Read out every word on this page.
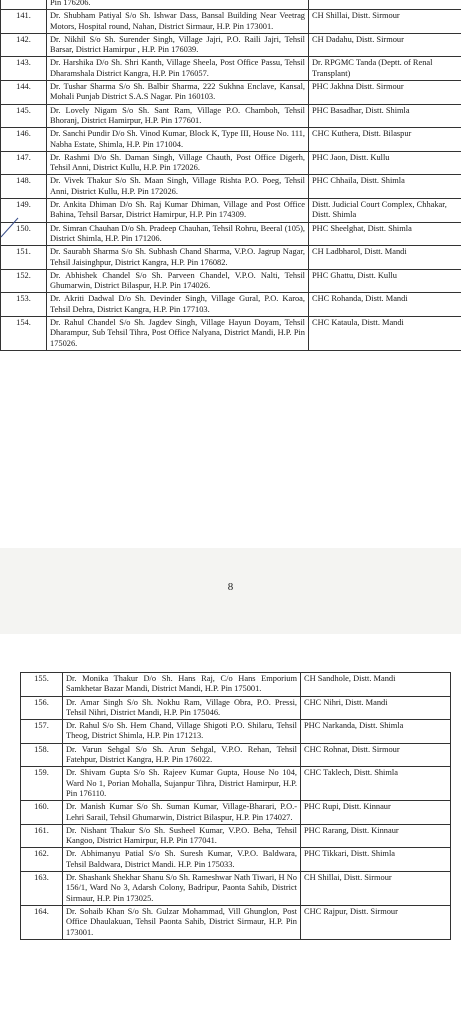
	Pin 176206.	
141.	Dr. Shubham Patiyal S/o Sh. Ishwar Dass, Bansal Building Near Veetrag Motors, Hospital round, Nahan, District Sirmaur, H.P. Pin 173001.	CH Shillai, Distt. Sirmour
142.	Dr. Nikhil S/o Sh. Surender Singh, Village Jajri, P.O. Raili Jajri, Tehsil Barsar, District Hamirpur , H.P. Pin 176039.	CH Dadahu, Distt. Sirmour
143.	Dr. Harshika D/o Sh. Shri Kanth, Village Sheela, Post Office Passu, Tehsil Dharamshala District Kangra, H.P. Pin 176057.	Dr. RPGMC Tanda (Deptt. of Renal Transplant)
144.	Dr. Tushar Sharma S/o Sh. Balbir Sharma, 222 Sukhna Enclave, Kansal, Mohali Punjab District S.A.S Nagar. Pin 160103.	PHC Jakhna Distt. Sirmour
145.	Dr. Lovely Nigam S/o Sh. Sant Ram, Village P.O. Chamboh, Tehsil Bhoranj, District Hamirpur, H.P. Pin 177601.	PHC Basadhar, Distt. Shimla
146.	Dr. Sanchi Pundir D/o Sh. Vinod Kumar, Block K, Type III, House No. 111, Nabha Estate, Shimla, H.P. Pin 171004.	CHC Kuthera, Distt. Bilaspur
147.	Dr. Rashmi D/o Sh. Daman Singh, Village Chauth, Post Office Digerh, Tehsil Anni, District Kullu, H.P. Pin 172026.	PHC Jaon, Distt. Kullu
148.	Dr. Vivek Thakur S/o Sh. Maan Singh, Village Rishta P.O. Poeg, Tehsil Anni, District Kullu, H.P. Pin 172026.	PHC Chhaila, Distt. Shimla
149.	Dr. Ankita Dhiman D/o Sh. Raj Kumar Dhiman, Village and Post Office Bahina, Tehsil Barsar, District Hamirpur, H.P. Pin 174309.	Distt. Judicial Court Complex, Chhakar, Distt. Shimla
150.	Dr. Simran Chauhan D/o Sh. Pradeep Chauhan, Tehsil Rohru, Beeral (105), District Shimla, H.P. Pin 171206.	PHC Sheelghat, Distt. Shimla
151.	Dr. Saurabh Sharma S/o Sh. Subhash Chand Sharma, V.P.O. Jagrup Nagar, Tehsil Jaisinghpur, District Kangra, H.P. Pin 176082.	CH Ladbharol, Distt. Mandi
152.	Dr. Abhishek Chandel S/o Sh. Parveen Chandel, V.P.O. Nalti, Tehsil Ghumarwin, District Bilaspur, H.P. Pin 174026.	PHC Ghattu, Distt. Kullu
153.	Dr. Akriti Dadwal D/o Sh. Devinder Singh, Village Gural, P.O. Karoa, Tehsil Dehra, District Kangra, H.P. Pin 177103.	CHC Rohanda, Distt. Mandi
154.	Dr. Rahul Chandel S/o Sh. Jagdev Singh, Village Hayun Doyam, Tehsil Dharampur, Sub Tehsil Tihra, Post Office Nalyana, District Mandi, H.P. Pin 175026.	CHC Kataula, Distt. Mandi
8
155.	Dr. Monika Thakur D/o Sh. Hans Raj, C/o Hans Emporium Samkhetar Bazar Mandi, District Mandi, H.P. Pin 175001.	CH Sandhole, Distt. Mandi
156.	Dr. Amar Singh S/o Sh. Nokhu Ram, Village Obra, P.O. Pressi, Tehsil Nihri, District Mandi, H.P. Pin 175046.	CHC Nihri, Distt. Mandi
157.	Dr. Rahul S/o Sh. Hem Chand, Village Shigoti P.O. Shilaru, Tehsil Theog, District Shimla, H.P. Pin 171213.	PHC Narkanda, Distt. Shimla
158.	Dr. Varun Sehgal S/o Sh. Arun Sehgal, V.P.O. Rehan, Tehsil Fatehpur, District Kangra, H.P. Pin 176022.	CHC Rohnat, Distt. Sirmour
159.	Dr. Shivam Gupta S/o Sh. Rajeev Kumar Gupta, House No 104, Ward No 1, Porian Mohalla, Sujanpur Tihra, District Hamirpur, H.P. Pin 176110.	CHC Taklech, Distt. Shimla
160.	Dr. Manish Kumar S/o Sh. Suman Kumar, Village-Bharari, P.O.- Lehri Sarail, Tehsil Ghumarwin, District Bilaspur, H.P. Pin 174027.	PHC Rupi, Distt. Kinnaur
161.	Dr. Nishant Thakur S/o Sh. Susheel Kumar, V.P.O. Beha, Tehsil Kangoo, District Hamirpur, H.P. Pin 177041.	PHC Rarang, Distt. Kinnaur
162.	Dr. Abhimanyu Patial S/o Sh. Suresh Kumar, V.P.O. Baldwara, Tehsil Baldwara, District Mandi. H.P. Pin 175033.	PHC Tikkari, Distt. Shimla
163.	Dr. Shashank Shekhar Shanu S/o Sh. Rameshwar Nath Tiwari, H No 156/1, Ward No 3, Adarsh Colony, Badripur, Paonta Sahib, District Sirmaur, H.P. Pin 173025.	CH Shillai, Distt. Sirmour
164.	Dr. Sohaib Khan S/o Sh. Gulzar Mohammad, Vill Ghunglon, Post Office Dhaulakuan, Tehsil Paonta Sahib, District Sirmaur, H.P. Pin 173001.	CHC Rajpur, Distt. Sirmour
